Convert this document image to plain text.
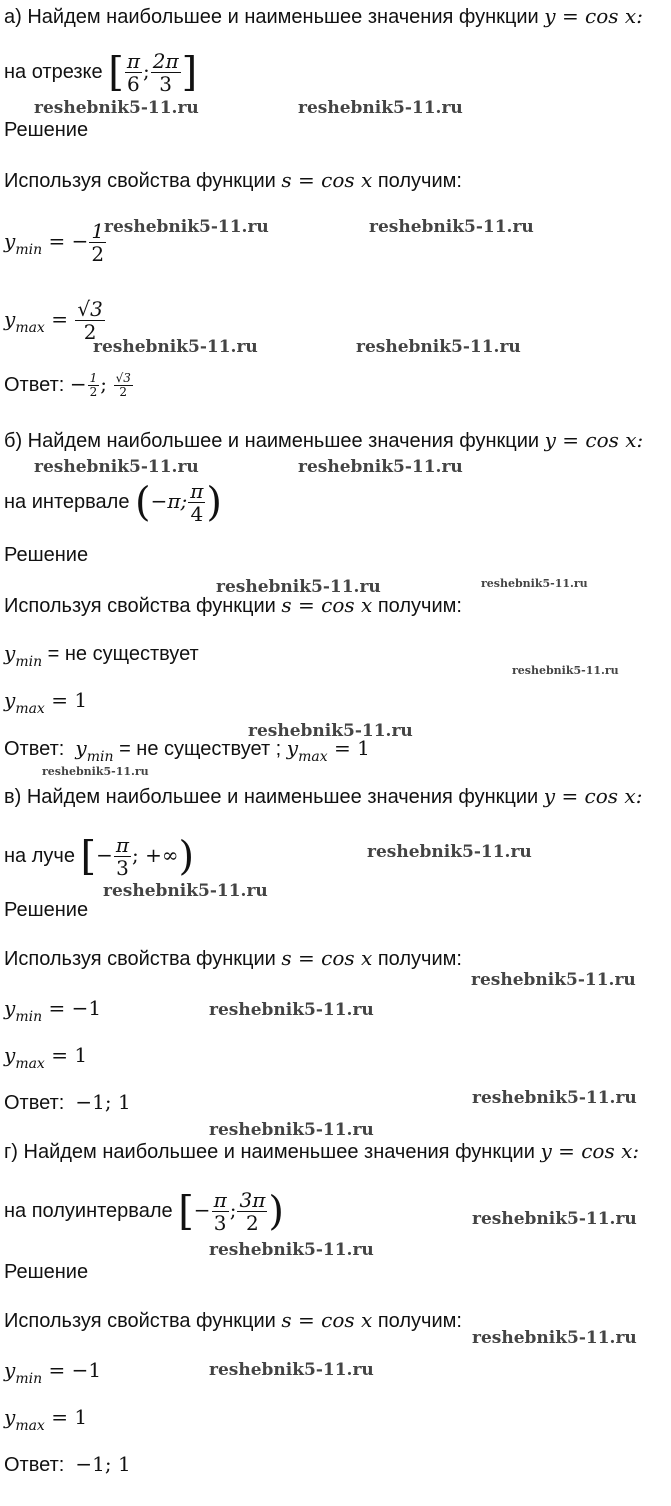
а) Найдем наибольшее и наименьшее значения функции y = cos x:
на отрезке [ $\frac{\pi}{6}$ ; $\frac{2\pi}{3}$ ]
Решение
Используя свойства функции s = cos x получим:
$y_{min}$ = − $\frac{1}{2}$
$y_{max} = \frac{√3}{2}$
Ответ: − $\frac{1}{2}$ ; $\frac{√3}{2}$
б) Найдем наибольшее и наименьшее значения функции y = cos x:
на интервале (−π; $\frac{\pi}{4}$ )
Решение
Используя свойства функции s = cos x получим:
$y_{min}$ = не существует
$y_{max} = 1$
Ответ: $y_{min}$ = не существует ; $y_{max} = 1$
в) Найдем наибольшее и наименьшее значения функции y = cos x:
на луче [− $\frac{\pi}{3}$ ; +∞)
Решение
Используя свойства функции s = cos x получим:
$y_{min} = -1$
$y_{max} = 1$
Ответ: −1; 1
г) Найдем наибольшее и наименьшее значения функции y = cos x:
на полуинтервале [− $\frac{\pi}{3}$ ; $\frac{3\pi}{2}$ )
Решение
Используя свойства функции s = cos x получим:
$y_{min} = -1$
$y_{max} = 1$
Ответ: −1; 1
reshebnik5-11.ru	reshebnik5-11.ru
reshebnik5-11.ru	reshebnik5-11.ru
reshebnik5-11.ru	reshebnik5-11.ru
reshebnik5-11.ru	reshebnik5-11.ru
reshebnik5-11.ru	reshebnik5-11.ru
reshebnik5-11.ru
reshebnik5-11.ru
reshebnik5-11.ru
reshebnik5-11.ru
reshebnik5-11.ru
reshebnik5-11.ru
reshebnik5-11.ru
reshebnik5-11.ru
reshebnik5-11.ru
reshebnik5-11.ru
reshebnik5-11.ru
reshebnik5-11.ru
reshebnik5-11.ru
